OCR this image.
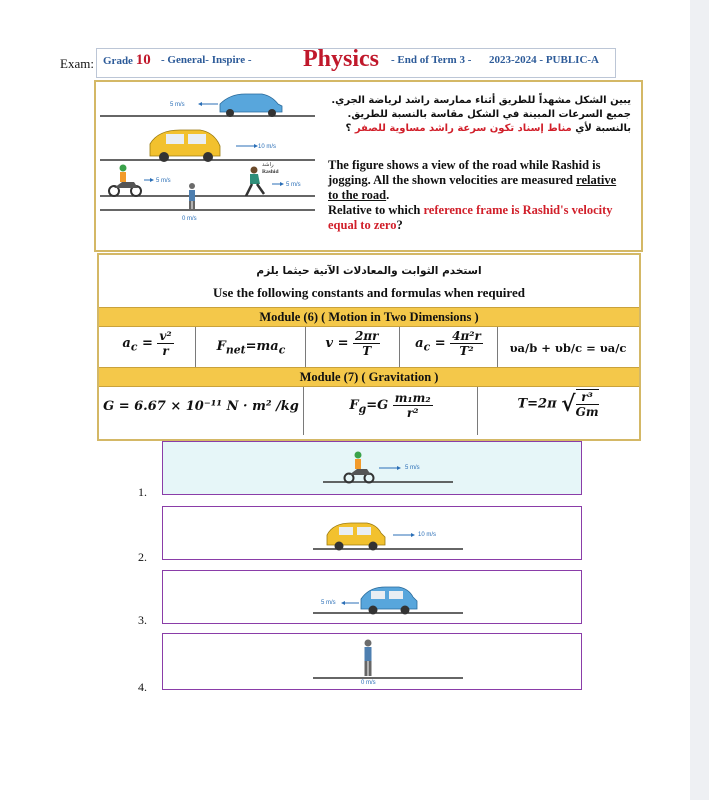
Exam: Grade 10 - General- Inspire - Physics - End of Term 3 - 2023-2024 - PUBLIC-A
5 m/s
10 m/s
5 m/s
0 m/s
راشد
Rashid
5 m/s
يبين الشكل مشهداً للطريق أثناء ممارسة راشد لرياضة الجري.
جميع السرعات المبينة في الشكل مقاسة بالنسبة للطريق.
بالنسبة لأي مناط إسناد تكون سرعة راشد مساوية للصفر ؟
The figure shows a view of the road while Rashid is jogging. All the shown velocities are measured relative to the road.
Relative to which reference frame is Rashid's velocity equal to zero?
استخدم الثوابت والمعادلات الآتية حيثما يلزم
Use the following constants and formulas when required
Module (6) ( Motion in Two Dimensions )
$a_c = \frac{\text{v²}}{r}$	$F_{net}=ma_c$	$v = \frac{2\pi r}{T}$	$a_c = \frac{\text{4π²r}}{\text{T²}}$	υa/b + υb/c = υa/c
Module (7) ( Gravitation )
G = 6.67 × 10⁻¹¹ N · m² /kg	$F_g=G \frac{\text{m₁m₂}}{\text{r²}}$	T=2π √ $\frac{\text{r³}}{Gm}$
5 m/s
1.
10 m/s
2.
5 m/s
3.
0 m/s
4.
